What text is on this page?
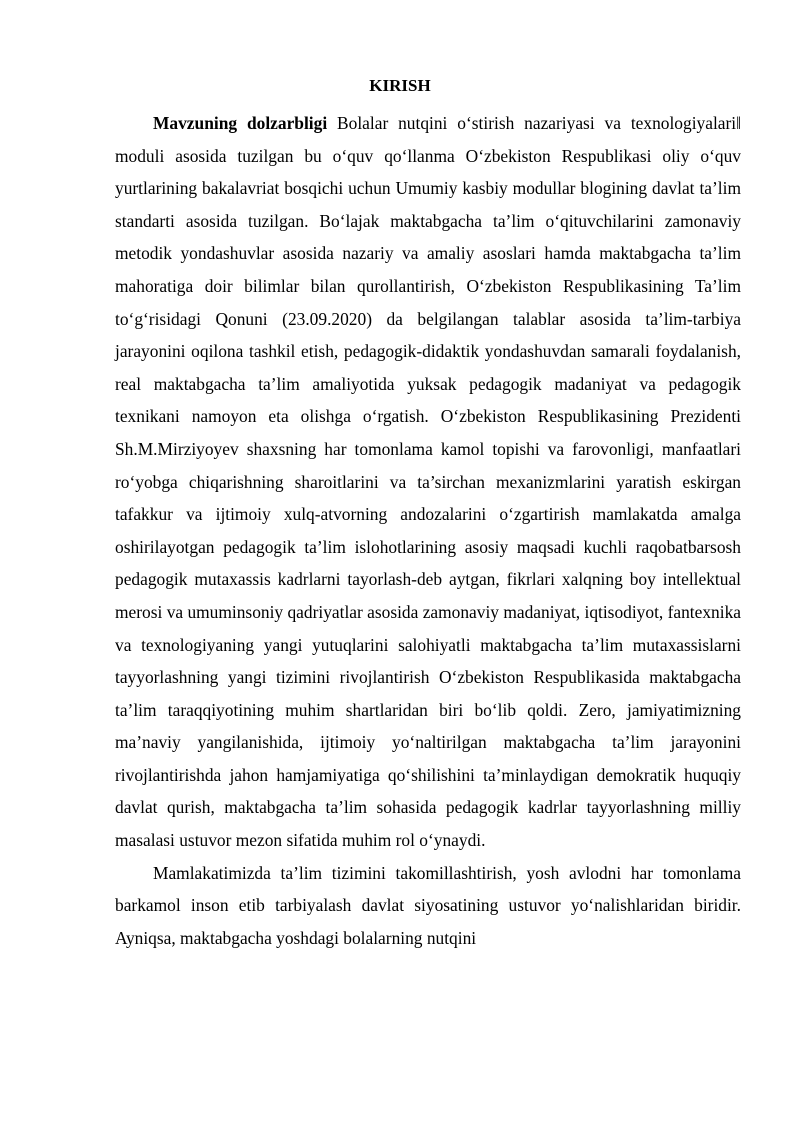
KIRISH

Mavzuning dolzarbligi Bolalar nutqini o‘stirish nazariyasi va texnologiyalari‖ moduli asosida tuzilgan bu o‘quv qo‘llanma O‘zbekiston Respublikasi oliy o‘quv yurtlarining bakalavriat bosqichi uchun Umumiy kasbiy modullar blogining davlat ta’lim standarti asosida tuzilgan. Bo‘lajak maktabgacha ta’lim o‘qituvchilarini zamonaviy metodik yondashuvlar asosida nazariy va amaliy asoslari hamda maktabgacha ta’lim mahoratiga doir bilimlar bilan qurollantirish, O‘zbekiston Respublikasining Ta’lim to‘g‘risidagi Qonuni (23.09.2020) da belgilangan talablar asosida ta’lim-tarbiya jarayonini oqilona tashkil etish, pedagogik-didaktik yondashuvdan samarali foydalanish, real maktabgacha ta’lim amaliyotida yuksak pedagogik madaniyat va pedagogik texnikani namoyon eta olishga o‘rgatish. O‘zbekiston Respublikasining Prezidenti Sh.M.Mirziyoyev shaxsning har tomonlama kamol topishi va farovonligi, manfaatlari ro‘yobga chiqarishning sharoitlarini va ta’sirchan mexanizmlarini yaratish eskirgan tafakkur va ijtimoiy xulq-atvorning andozalarini o‘zgartirish mamlakatda amalga oshirilayotgan pedagogik ta’lim islohotlarining asosiy maqsadi kuchli raqobatbarsosh pedagogik mutaxassis kadrlarni tayorlash-deb aytgan, fikrlari xalqning boy intellektual merosi va umuminsoniy qadriyatlar asosida zamonaviy madaniyat, iqtisodiyot, fantexnika va texnologiyaning yangi yutuqlarini salohiyatli maktabgacha ta’lim mutaxassislarni tayyorlashning yangi tizimini rivojlantirish O‘zbekiston Respublikasida maktabgacha ta’lim taraqqiyotining muhim shartlaridan biri bo‘lib qoldi. Zero, jamiyatimizning ma’naviy yangilanishida, ijtimoiy yo‘naltirilgan maktabgacha ta’lim jarayonini rivojlantirishda jahon hamjamiyatiga qo‘shilishini ta’minlaydigan demokratik huquqiy davlat qurish, maktabgacha ta’lim sohasida pedagogik kadrlar tayyorlashning milliy masalasi ustuvor mezon sifatida muhim rol o‘ynaydi.

Mamlakatimizda ta’lim tizimini takomillashtirish, yosh avlodni har tomonlama barkamol inson etib tarbiyalash davlat siyosatining ustuvor yo‘nalishlaridan biridir. Ayniqsa, maktabgacha yoshdagi bolalarning nutqini
